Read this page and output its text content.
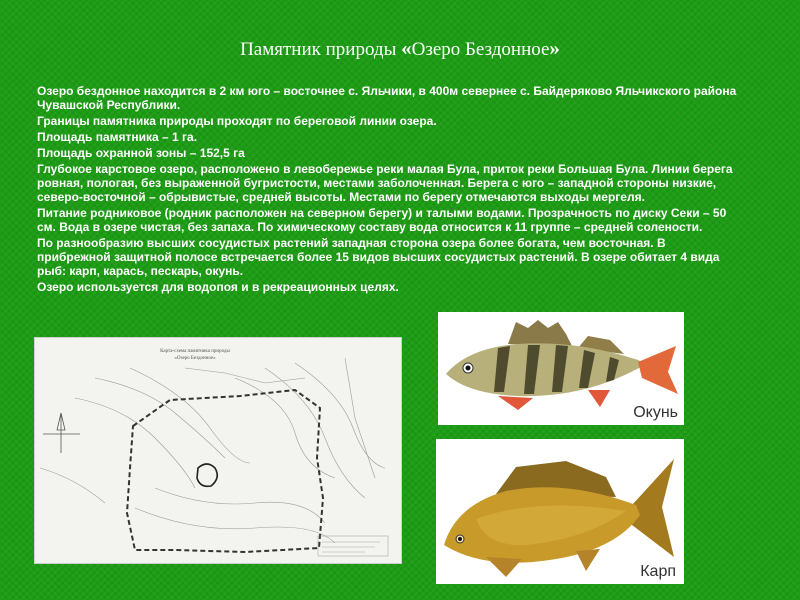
Памятник природы «Озеро Бездонное»

Озеро бездонное находится в 2 км юго – восточнее с. Яльчики, в 400м севернее с. Байдеряково Яльчикского района Чувашской Республики.

Границы памятника природы проходят по береговой линии озера.

Площадь памятника – 1 га.

Площадь охранной зоны – 152,5 га

Глубокое карстовое озеро, расположено в левобережье реки малая Була, приток реки Большая Була. Линии берега ровная, пологая, без выраженной бугристости, местами заболоченная. Берега с юго – западной стороны низкие, северо-восточной – обрывистые, средней высоты. Местами по берегу отмечаются выходы мергеля.

Питание родниковое (родник расположен на северном берегу) и талыми водами. Прозрачность по диску Секи – 50 см. Вода в озере чистая, без запаха. По химическому составу вода относится к 11 группе – средней солености.

По разнообразию высших сосудистых растений западная сторона озера более богата, чем восточная. В прибрежной защитной полосе встречается более 15 видов высших сосудистых растений. В озере обитает 4 вида рыб: карп, карась, пескарь, окунь.

Озеро используется для водопоя и в рекреационных целях.

Карта-схема памятника природы
«Озеро Бездонное»
Окунь
Карп
